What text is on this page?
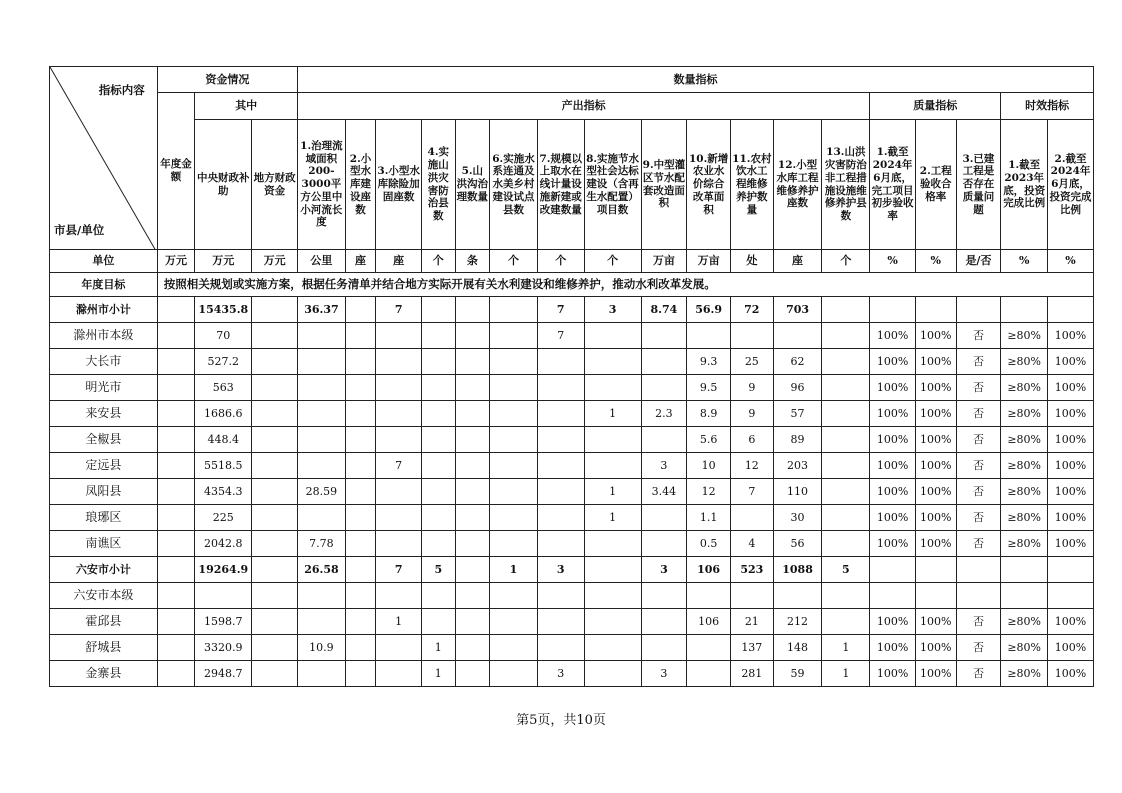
指标内容
市县/单位	资金情况			数量指标																	
	年度金额	其中		产出指标													质量指标			时效指标	
		中央财政补助	地方财政资金	1.治理流域面积200-3000平方公里中小河流长度	2.小型水库建设座数	3.小型水库除险加固座数	4.实施山洪灾害防治县数	5.山洪沟治理数量	6.实施水系连通及水美乡村建设试点县数	7.规模以上取水在线计量设施新建或改建数量	8.实施节水型社会达标建设（含再生水配置）项目数	9.中型灌区节水配套改造面积	10.新增农业水价综合改革面积	11.农村饮水工程维修养护数量	12.小型水库工程维修养护座数	13.山洪灾害防治非工程措施设施维修养护县数	1.截至2024年6月底，完工项目初步验收率	2.工程验收合格率	3.已建工程是否存在质量问题	1.截至2023年底，投资完成比例	2.截至2024年6月底，投资完成比例

单位	万元	万元	万元	公里	座	座	个	条	个	个	个	万亩	万亩	处	座	个	%	%	是/否	%	%
年度目标	按照相关规划或实施方案，根据任务清单并结合地方实际开展有关水利建设和维修养护，推动水利改革发展。																				
滁州市小计		15435.8		36.37		7				7	3	8.74	56.9	72	703						
滁州市本级		70								7							100%	100%	否	≥80%	100%
大长市		527.2											9.3	25	62		100%	100%	否	≥80%	100%
明光市		563											9.5	9	96		100%	100%	否	≥80%	100%
来安县		1686.6									1	2.3	8.9	9	57		100%	100%	否	≥80%	100%
全椒县		448.4											5.6	6	89		100%	100%	否	≥80%	100%
定远县		5518.5				7						3	10	12	203		100%	100%	否	≥80%	100%
凤阳县		4354.3		28.59							1	3.44	12	7	110		100%	100%	否	≥80%	100%
琅琊区		225									1		1.1		30		100%	100%	否	≥80%	100%
南谯区		2042.8		7.78									0.5	4	56		100%	100%	否	≥80%	100%
六安市小计		19264.9		26.58		7	5		1	3		3	106	523	1088	5					
六安市本级																					
霍邱县		1598.7				1							106	21	212		100%	100%	否	≥80%	100%
舒城县		3320.9		10.9			1							137	148	1	100%	100%	否	≥80%	100%
金寨县		2948.7					1			3		3		281	59	1	100%	100%	否	≥80%	100%
第5页，共10页
